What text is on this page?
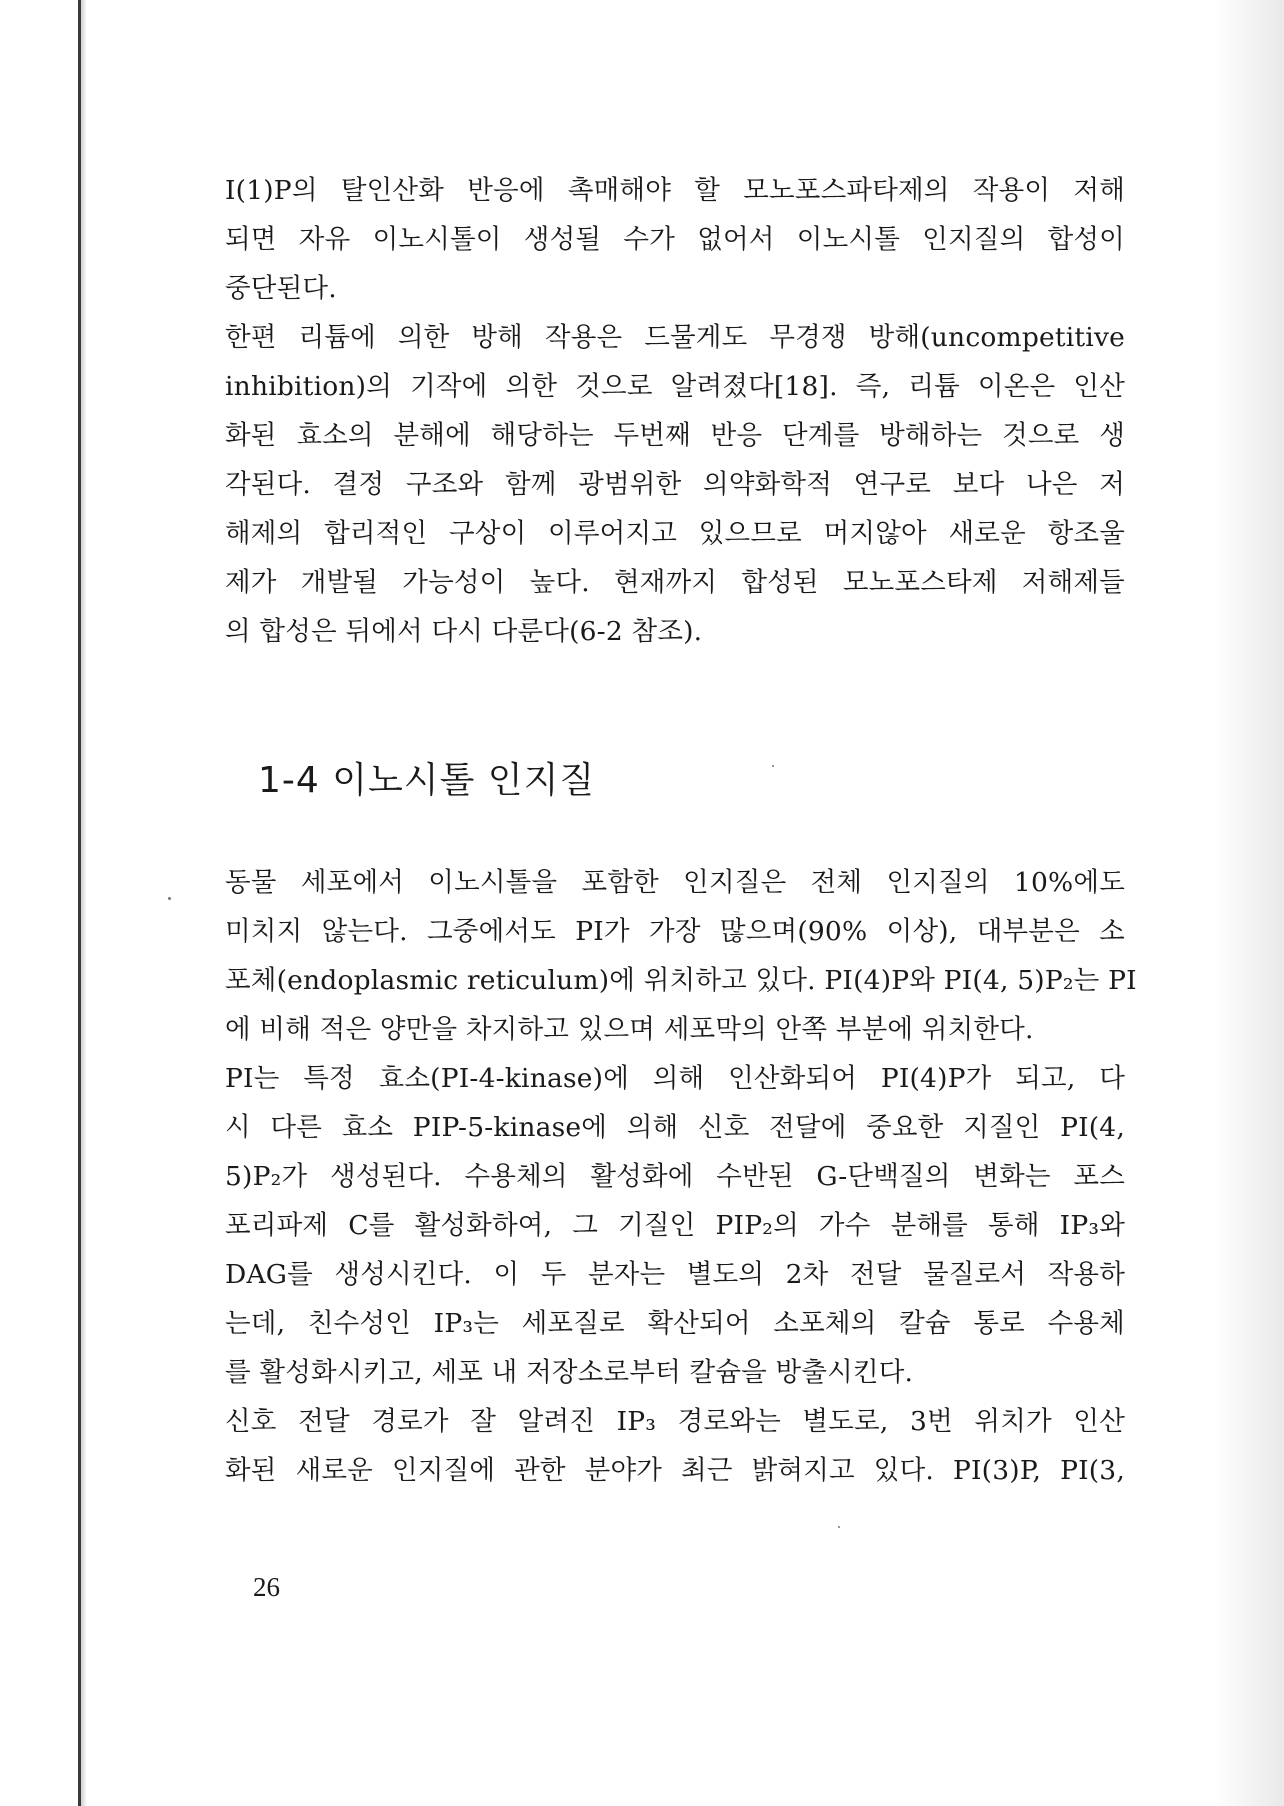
I(1)P의 탈인산화 반응에 촉매해야 할 모노포스파타제의 작용이 저해
되면 자유 이노시톨이 생성될 수가 없어서 이노시톨 인지질의 합성이
중단된다.
한편 리튬에 의한 방해 작용은 드물게도 무경쟁 방해(uncompetitive
inhibition)의 기작에 의한 것으로 알려졌다[18]. 즉, 리튬 이온은 인산
화된 효소의 분해에 해당하는 두번째 반응 단계를 방해하는 것으로 생
각된다. 결정 구조와 함께 광범위한 의약화학적 연구로 보다 나은 저
해제의 합리적인 구상이 이루어지고 있으므로 머지않아 새로운 항조울
제가 개발될 가능성이 높다. 현재까지 합성된 모노포스타제 저해제들
의 합성은 뒤에서 다시 다룬다(6-2 참조).
1-4 이노시톨 인지질
동물 세포에서 이노시톨을 포함한 인지질은 전체 인지질의 10%에도
미치지 않는다. 그중에서도 PI가 가장 많으며(90% 이상), 대부분은 소
포체(endoplasmic reticulum)에 위치하고 있다. PI(4)P와 PI(4, 5)P₂는 PI
에 비해 적은 양만을 차지하고 있으며 세포막의 안쪽 부분에 위치한다.
PI는 특정 효소(PI-4-kinase)에 의해 인산화되어 PI(4)P가 되고, 다
시 다른 효소 PIP-5-kinase에 의해 신호 전달에 중요한 지질인 PI(4,
5)P₂가 생성된다. 수용체의 활성화에 수반된 G-단백질의 변화는 포스
포리파제 C를 활성화하여, 그 기질인 PIP₂의 가수 분해를 통해 IP₃와
DAG를 생성시킨다. 이 두 분자는 별도의 2차 전달 물질로서 작용하
는데, 친수성인 IP₃는 세포질로 확산되어 소포체의 칼슘 통로 수용체
를 활성화시키고, 세포 내 저장소로부터 칼슘을 방출시킨다.
신호 전달 경로가 잘 알려진 IP₃ 경로와는 별도로, 3번 위치가 인산
화된 새로운 인지질에 관한 분야가 최근 밝혀지고 있다. PI(3)P, PI(3,
26
